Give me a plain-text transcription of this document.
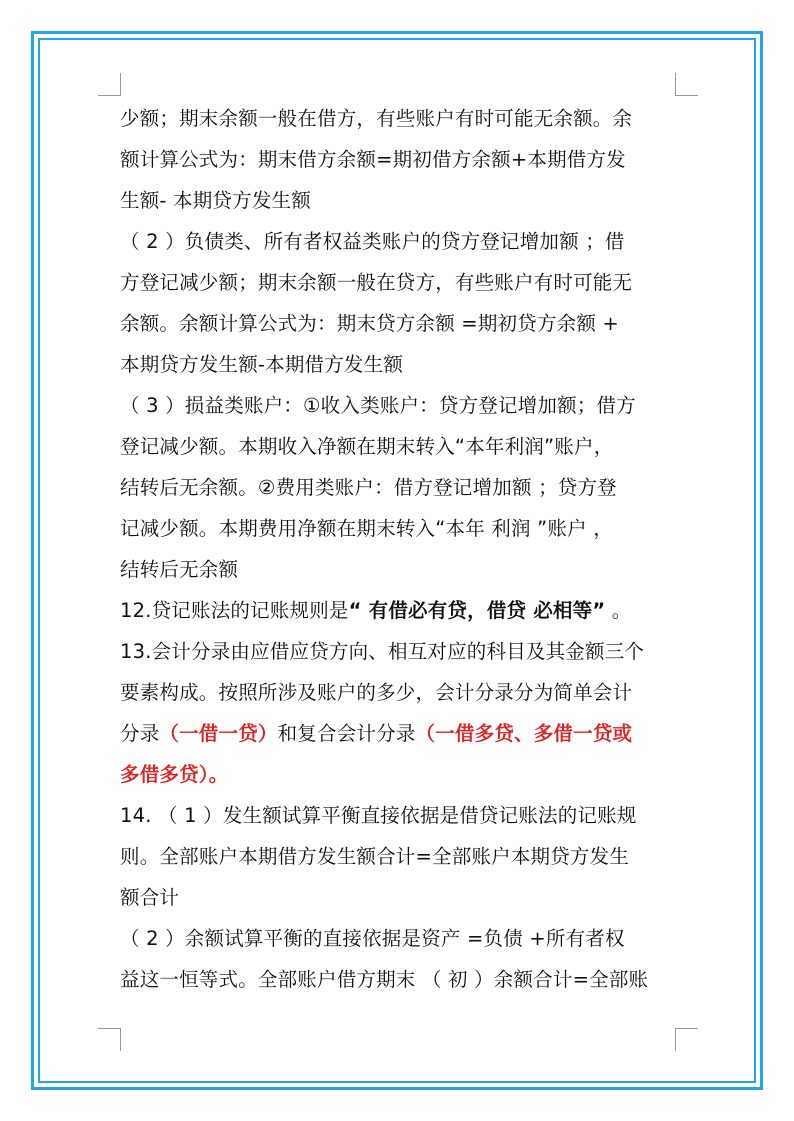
少额；期末余额一般在借方，有些账户有时可能无余额。余
额计算公式为：期末借方余额=期初借方余额+本期借方发
生额- 本期贷方发生额
（ 2 ）负债类、所有者权益类账户的贷方登记增加额 ；借
方登记减少额；期末余额一般在贷方，有些账户有时可能无
余额。余额计算公式为：期末贷方余额 =期初贷方余额 +
本期贷方发生额-本期借方发生额
（ 3 ）损益类账户：①收入类账户：贷方登记增加额；借方
登记减少额。本期收入净额在期末转入“本年利润”账户，
结转后无余额。②费用类账户：借方登记增加额 ；贷方登
记减少额。本期费用净额在期末转入“本年 利润 ”账户 ，
结转后无余额
12.贷记账法的记账规则是“ 有借必有贷，借贷 必相等” 。
13.会计分录由应借应贷方向、相互对应的科目及其金额三个
要素构成。按照所涉及账户的多少，会计分录分为简单会计
分录（一借一贷）和复合会计分录（一借多贷、多借一贷或
多借多贷）。
14. （ 1 ）发生额试算平衡直接依据是借贷记账法的记账规
则。全部账户本期借方发生额合计=全部账户本期贷方发生
额合计
（ 2 ）余额试算平衡的直接依据是资产 =负债 +所有者权
益这一恒等式。全部账户借方期末 （ 初 ）余额合计=全部账
